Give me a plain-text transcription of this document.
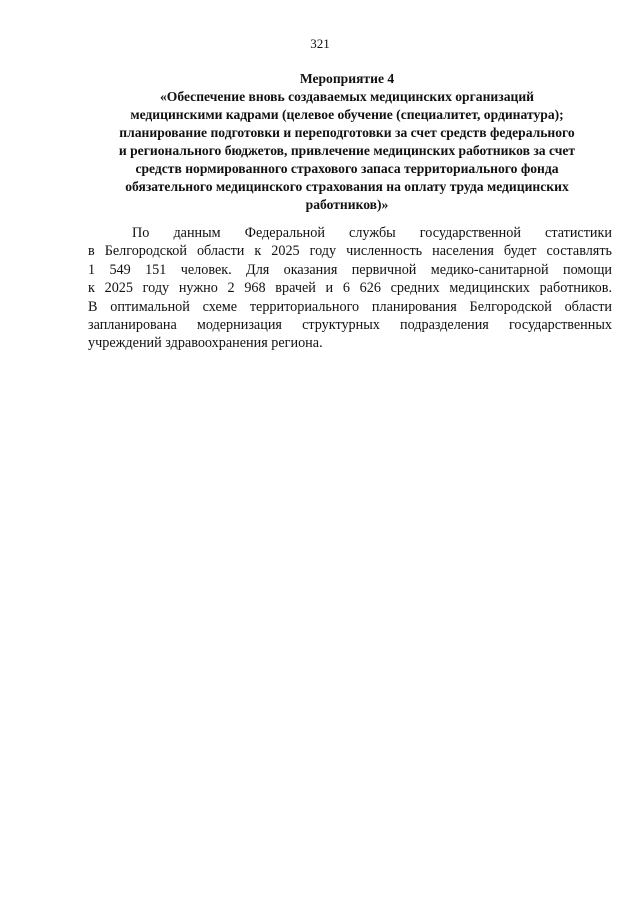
321
Мероприятие 4
«Обеспечение вновь создаваемых медицинских организаций
медицинскими кадрами (целевое обучение (специалитет, ординатура);
планирование подготовки и переподготовки за счет средств федерального
и регионального бюджетов, привлечение медицинских работников за счет
средств нормированного страхового запаса территориального фонда
обязательного медицинского страхования на оплату труда медицинских
работников)»
По данным Федеральной службы государственной статистики
в Белгородской области к 2025 году численность населения будет составлять
1 549 151 человек. Для оказания первичной медико-санитарной помощи
к 2025 году нужно 2 968 врачей и 6 626 средних медицинских работников.
В оптимальной схеме территориального планирования Белгородской области
запланирована модернизация структурных подразделения государственных
учреждений здравоохранения региона.
